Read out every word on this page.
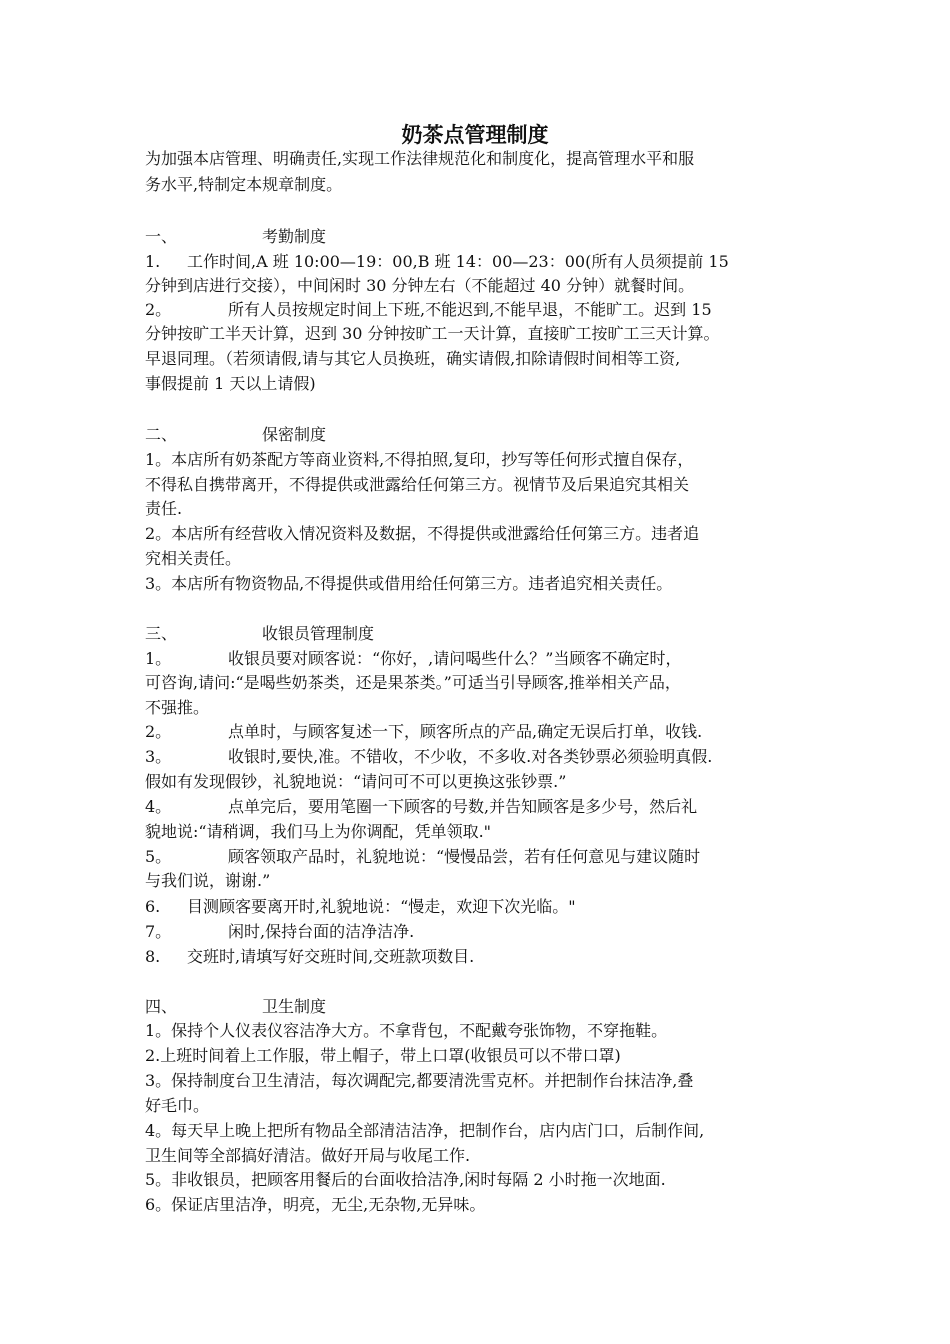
奶茶点管理制度

为加强本店管理、明确责任,实现工作法律规范化和制度化，提高管理水平和服

务水平,特制定本规章制度。

一、	考勤制度

1. 工作时间,A 班 10:00—19：00,B 班 14：00—23：00(所有人员须提前 15

分钟到店进行交接），中间闲时 30 分钟左右（不能超过 40 分钟）就餐时间。

2。	所有人员按规定时间上下班,不能迟到,不能早退，不能旷工。迟到 15

分钟按旷工半天计算，迟到 30 分钟按旷工一天计算，直接旷工按旷工三天计算。

早退同理。（若须请假,请与其它人员换班，确实请假,扣除请假时间相等工资,

事假提前 1 天以上请假)

二、	保密制度

1。本店所有奶茶配方等商业资料,不得拍照,复印，抄写等任何形式擅自保存，

不得私自携带离开，不得提供或泄露给任何第三方。视情节及后果追究其相关

责任.

2。本店所有经营收入情况资料及数据，不得提供或泄露给任何第三方。违者追

究相关责任。

3。本店所有物资物品,不得提供或借用给任何第三方。违者追究相关责任。

三、	收银员管理制度

1。	收银员要对顾客说：“你好，,请问喝些什么？”当顾客不确定时，

可咨询,请问:“是喝些奶茶类，还是果茶类。”可适当引导顾客,推举相关产品，

不强推。

2。	点单时，与顾客复述一下，顾客所点的产品,确定无误后打单，收钱.

3。	收银时,要快,准。不错收，不少收，不多收.对各类钞票必须验明真假.

假如有发现假钞，礼貌地说：“请问可不可以更换这张钞票.”

4。	点单完后，要用笔圈一下顾客的号数,并告知顾客是多少号，然后礼

貌地说:“请稍调，我们马上为你调配，凭单领取."

5。	顾客领取产品时，礼貌地说：“慢慢品尝，若有任何意见与建议随时

与我们说，谢谢.”

6. 目测顾客要离开时,礼貌地说：“慢走，欢迎下次光临。"

7。	闲时,保持台面的洁净洁净.

8. 交班时,请填写好交班时间,交班款项数目.

四、	卫生制度

1。保持个人仪表仪容洁净大方。不拿背包，不配戴夸张饰物，不穿拖鞋。

2.上班时间着上工作服，带上帽子，带上口罩(收银员可以不带口罩)

3。保持制度台卫生清洁，每次调配完,都要清洗雪克杯。并把制作台抹洁净,叠

好毛巾。

4。每天早上晚上把所有物品全部清洁洁净，把制作台，店内店门口，后制作间,

卫生间等全部搞好清洁。做好开局与收尾工作.

5。非收银员，把顾客用餐后的台面收拾洁净,闲时每隔 2 小时拖一次地面.

6。保证店里洁净，明亮，无尘,无杂物,无异味。
